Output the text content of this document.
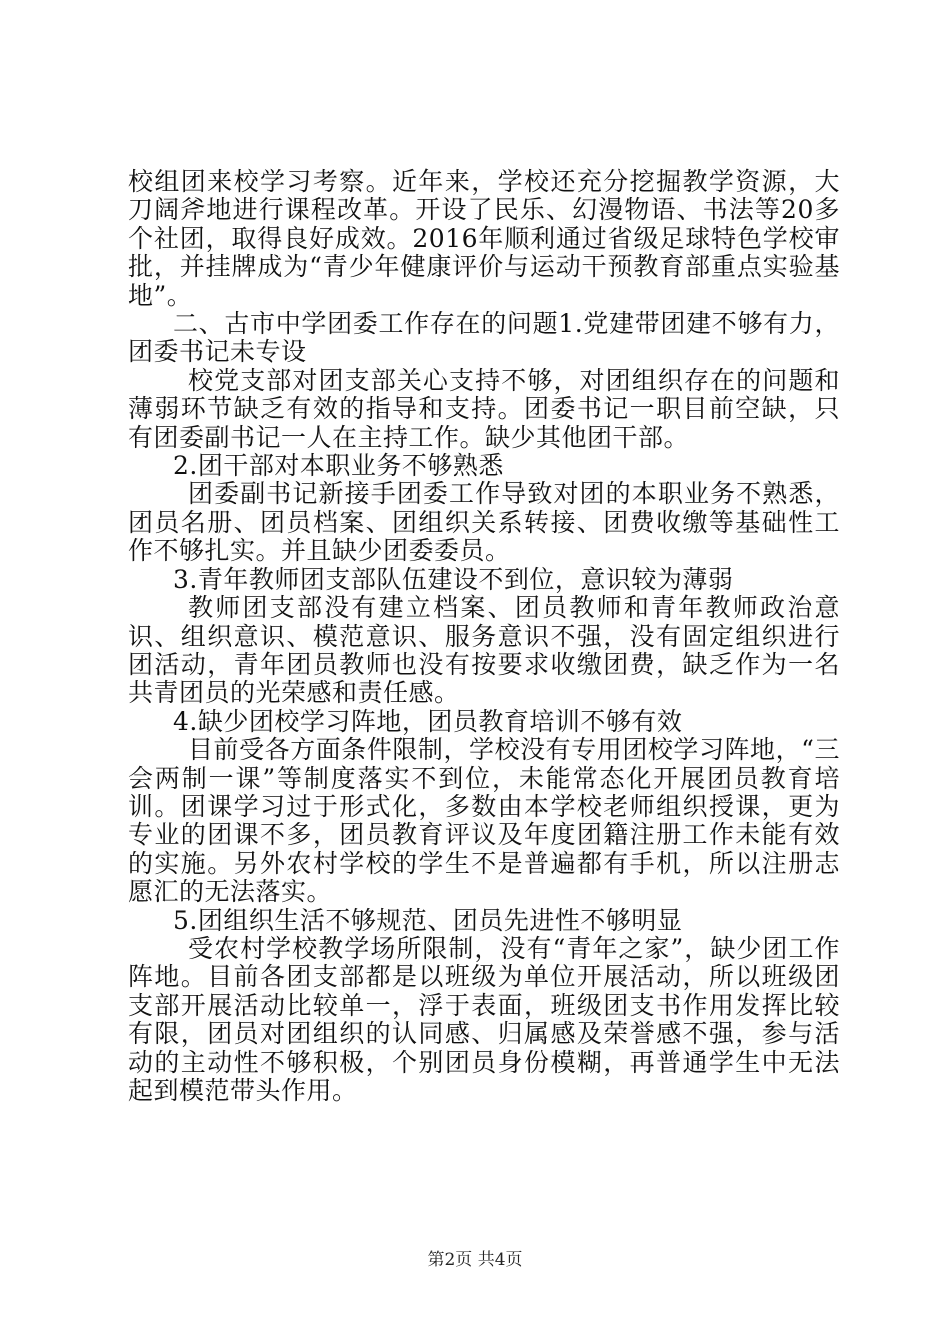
校组团来校学习考察。近年来，学校还充分挖掘教学资源，大刀阔斧地进行课程改革。开设了民乐、幻漫物语、书法等20多个社团，取得良好成效。2016年顺利通过省级足球特色学校审批，并挂牌成为“青少年健康评价与运动干预教育部重点实验基地”。

二、古市中学团委工作存在的问题1.党建带团建不够有力，团委书记未专设

校党支部对团支部关心支持不够，对团组织存在的问题和薄弱环节缺乏有效的指导和支持。团委书记一职目前空缺，只有团委副书记一人在主持工作。缺少其他团干部。

2.团干部对本职业务不够熟悉

团委副书记新接手团委工作导致对团的本职业务不熟悉，团员名册、团员档案、团组织关系转接、团费收缴等基础性工作不够扎实。并且缺少团委委员。

3.青年教师团支部队伍建设不到位，意识较为薄弱

教师团支部没有建立档案、团员教师和青年教师政治意识、组织意识、模范意识、服务意识不强，没有固定组织进行团活动，青年团员教师也没有按要求收缴团费，缺乏作为一名共青团员的光荣感和责任感。

4.缺少团校学习阵地，团员教育培训不够有效

目前受各方面条件限制，学校没有专用团校学习阵地，“三会两制一课”等制度落实不到位，未能常态化开展团员教育培训。团课学习过于形式化，多数由本学校老师组织授课，更为专业的团课不多，团员教育评议及年度团籍注册工作未能有效的实施。另外农村学校的学生不是普遍都有手机，所以注册志愿汇的无法落实。

5.团组织生活不够规范、团员先进性不够明显

受农村学校教学场所限制，没有“青年之家”，缺少团工作阵地。目前各团支部都是以班级为单位开展活动，所以班级团支部开展活动比较单一，浮于表面，班级团支书作用发挥比较有限，团员对团组织的认同感、归属感及荣誉感不强，参与活动的主动性不够积极，个别团员身份模糊，再普通学生中无法起到模范带头作用。

第2页 共4页
